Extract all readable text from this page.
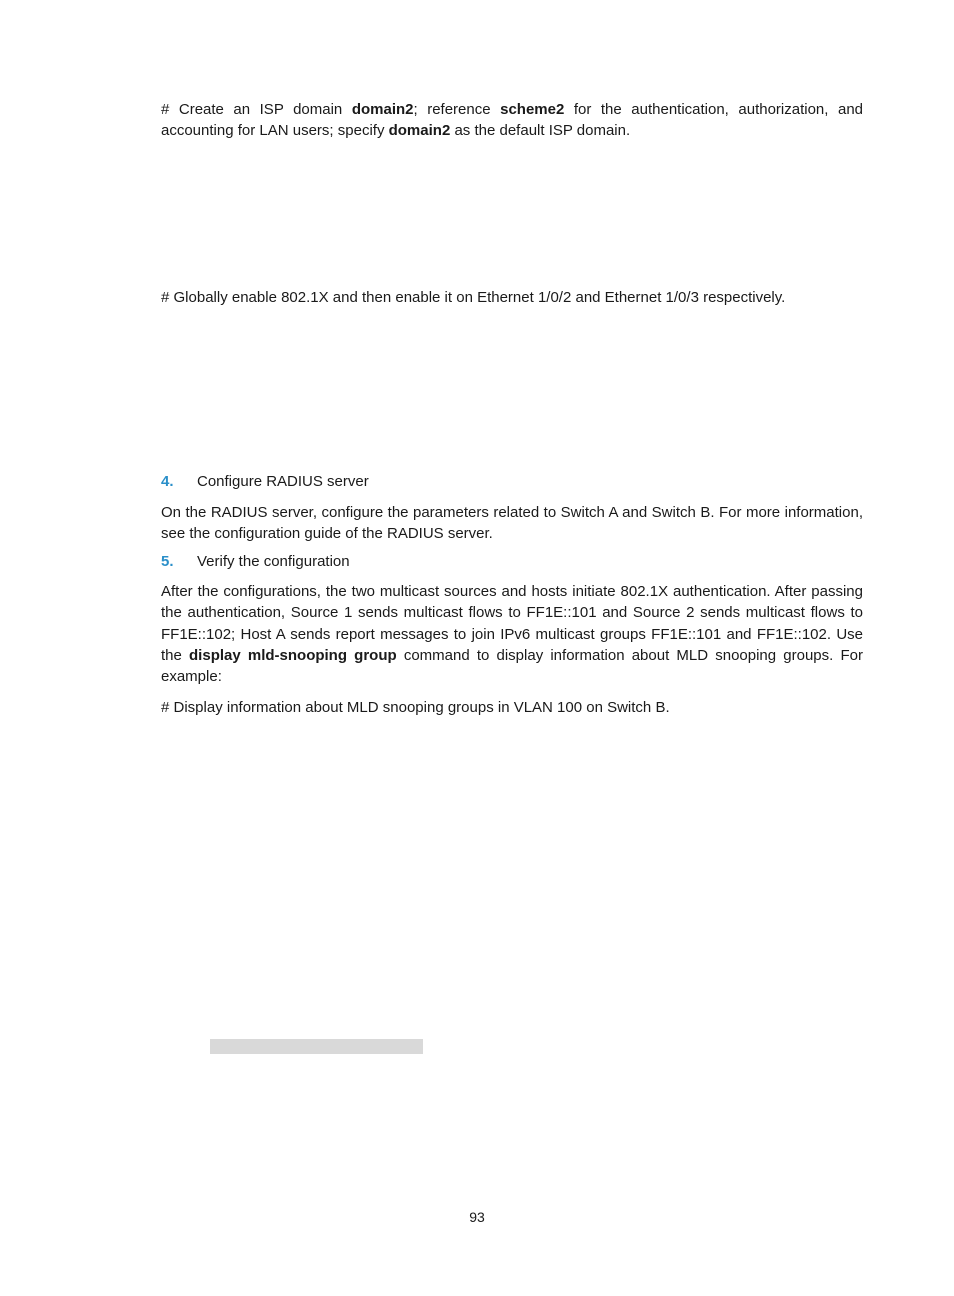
# Create an ISP domain domain2; reference scheme2 for the authentication, authorization, and accounting for LAN users; specify domain2 as the default ISP domain.

# Globally enable 802.1X and then enable it on Ethernet 1/0/2 and Ethernet 1/0/3 respectively.

4. Configure RADIUS server

On the RADIUS server, configure the parameters related to Switch A and Switch B. For more information, see the configuration guide of the RADIUS server.

5. Verify the configuration

After the configurations, the two multicast sources and hosts initiate 802.1X authentication. After passing the authentication, Source 1 sends multicast flows to FF1E::101 and Source 2 sends multicast flows to FF1E::102; Host A sends report messages to join IPv6 multicast groups FF1E::101 and FF1E::102. Use the display mld-snooping group command to display information about MLD snooping groups. For example:

# Display information about MLD snooping groups in VLAN 100 on Switch B.

93
